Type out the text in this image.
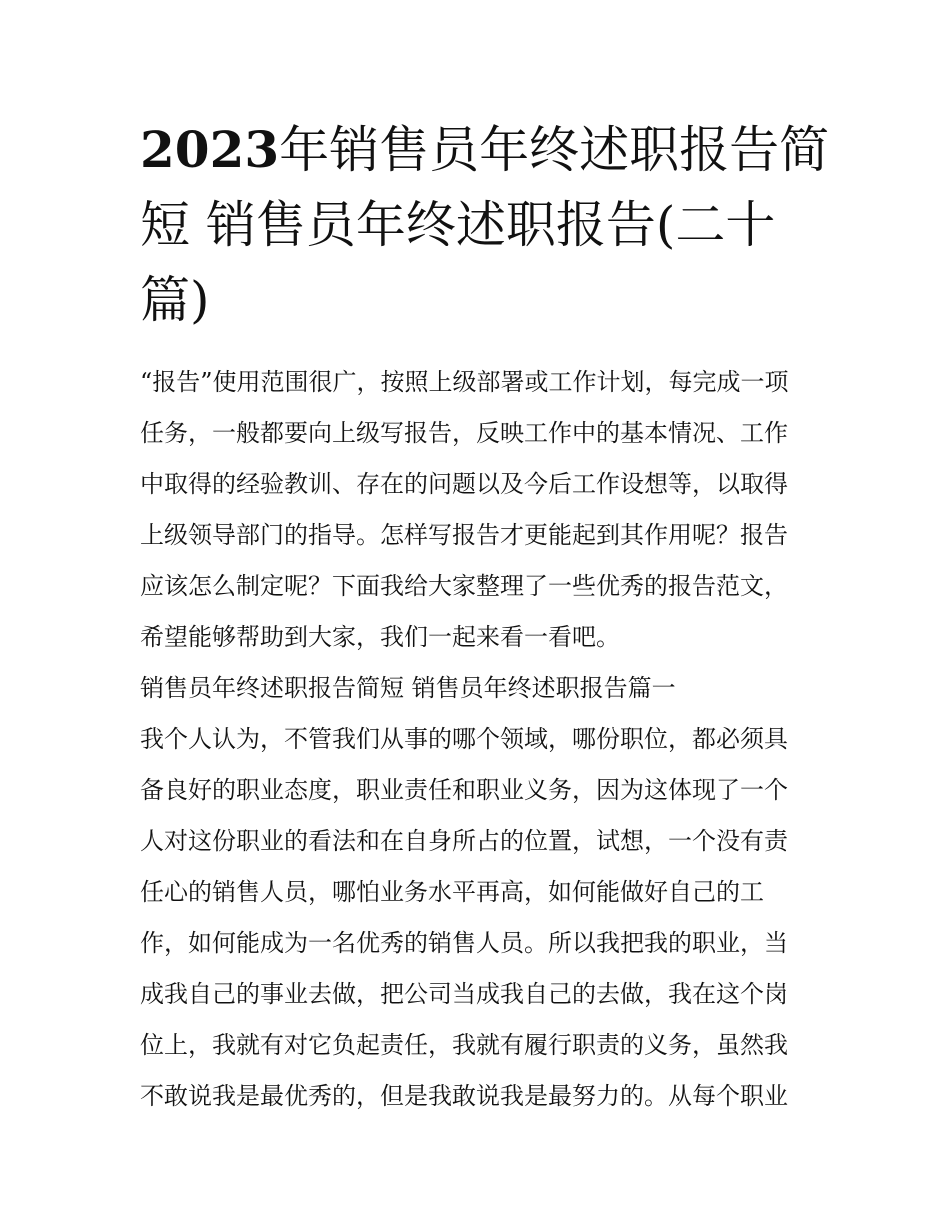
2023年销售员年终述职报告简
短 销售员年终述职报告(二十
篇)
“报告”使用范围很广，按照上级部署或工作计划，每完成一项
任务，一般都要向上级写报告，反映工作中的基本情况、工作
中取得的经验教训、存在的问题以及今后工作设想等，以取得
上级领导部门的指导。怎样写报告才更能起到其作用呢？报告
应该怎么制定呢？下面我给大家整理了一些优秀的报告范文，
希望能够帮助到大家，我们一起来看一看吧。
销售员年终述职报告简短 销售员年终述职报告篇一
我个人认为，不管我们从事的哪个领域，哪份职位，都必须具
备良好的职业态度，职业责任和职业义务，因为这体现了一个
人对这份职业的看法和在自身所占的位置，试想，一个没有责
任心的销售人员，哪怕业务水平再高，如何能做好自己的工
作，如何能成为一名优秀的销售人员。所以我把我的职业，当
成我自己的事业去做，把公司当成我自己的去做，我在这个岗
位上，我就有对它负起责任，我就有履行职责的义务，虽然我
不敢说我是最优秀的，但是我敢说我是最努力的。从每个职业
